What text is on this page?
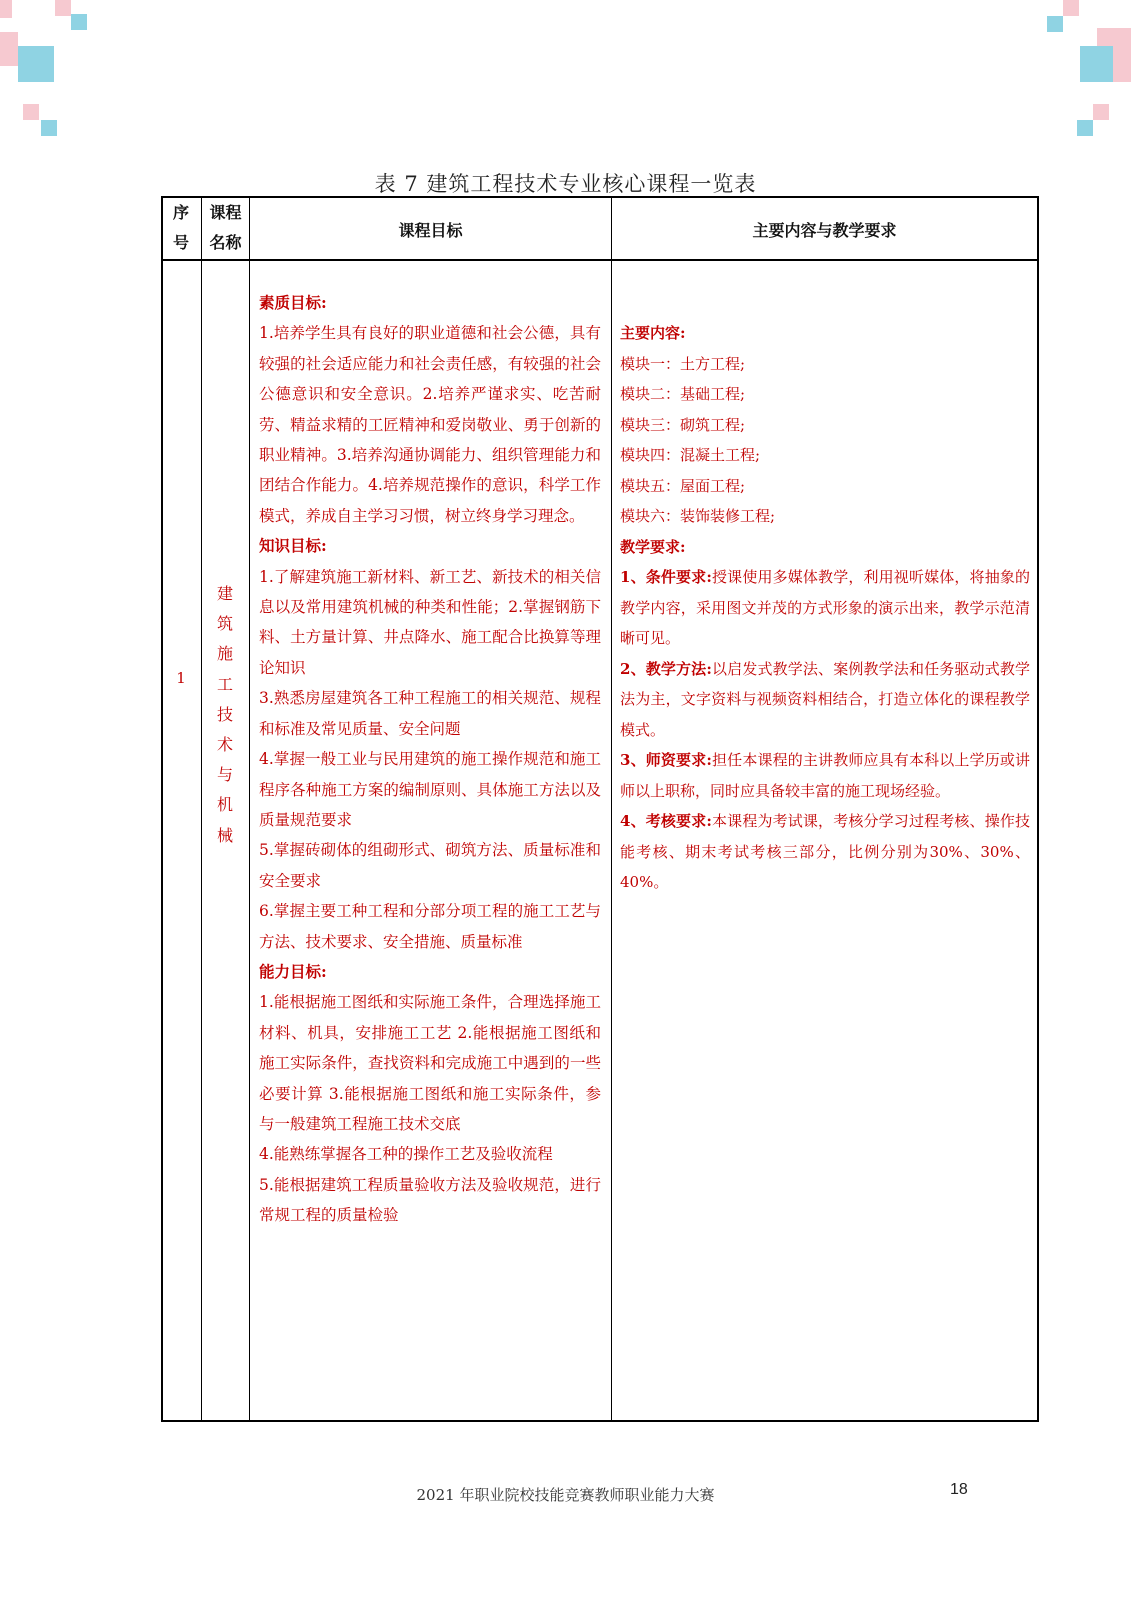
表 7 建筑工程技术专业核心课程一览表
序
号
课程
名称
课程目标	主要内容与教学要求
1
建
筑
施
工
技
术
与
机
械
素质目标:
1.培养学生具有良好的职业道德和社会公德，具有较强的社会适应能力和社会责任感，有较强的社会公德意识和安全意识。2.培养严谨求实、吃苦耐劳、精益求精的工匠精神和爱岗敬业、勇于创新的职业精神。3.培养沟通协调能力、组织管理能力和团结合作能力。4.培养规范操作的意识，科学工作模式，养成自主学习习惯，树立终身学习理念。
知识目标:
1.了解建筑施工新材料、新工艺、新技术的相关信息以及常用建筑机械的种类和性能；2.掌握钢筋下料、土方量计算、井点降水、施工配合比换算等理论知识
3.熟悉房屋建筑各工种工程施工的相关规范、规程和标准及常见质量、安全问题
4.掌握一般工业与民用建筑的施工操作规范和施工程序各种施工方案的编制原则、具体施工方法以及质量规范要求
5.掌握砖砌体的组砌形式、砌筑方法、质量标准和安全要求
6.掌握主要工种工程和分部分项工程的施工工艺与方法、技术要求、安全措施、质量标准
能力目标:
1.能根据施工图纸和实际施工条件，合理选择施工材料、机具，安排施工工艺 2.能根据施工图纸和施工实际条件，查找资料和完成施工中遇到的一些必要计算 3.能根据施工图纸和施工实际条件，参与一般建筑工程施工技术交底
4.能熟练掌握各工种的操作工艺及验收流程
5.能根据建筑工程质量验收方法及验收规范，进行常规工程的质量检验
主要内容:
模块一：土方工程;
模块二：基础工程;
模块三：砌筑工程;
模块四：混凝土工程;
模块五：屋面工程;
模块六：装饰装修工程;
教学要求:
1、条件要求:授课使用多媒体教学，利用视听媒体，将抽象的教学内容，采用图文并茂的方式形象的演示出来，教学示范清晰可见。
2、教学方法:以启发式教学法、案例教学法和任务驱动式教学法为主，文字资料与视频资料相结合，打造立体化的课程教学模式。
3、师资要求:担任本课程的主讲教师应具有本科以上学历或讲师以上职称，同时应具备较丰富的施工现场经验。
4、考核要求:本课程为考试课，考核分学习过程考核、操作技能考核、期末考试考核三部分，比例分别为30%、30%、40%。
2021 年职业院校技能竞赛教师职业能力大赛	18
